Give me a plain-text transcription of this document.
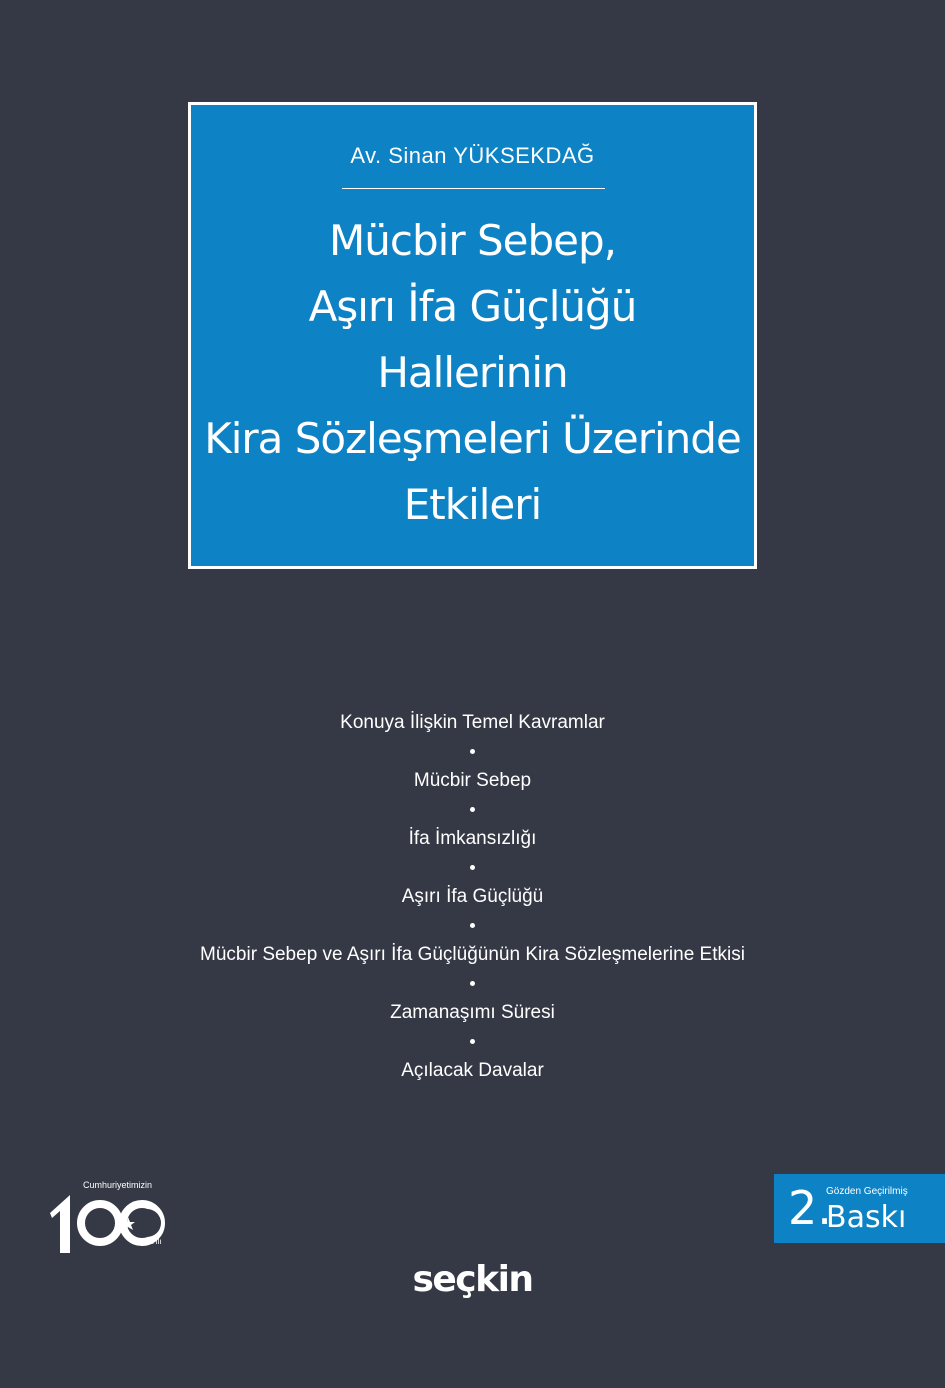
Av. Sinan YÜKSEKDAĞ
Mücbir Sebep,
Aşırı İfa Güçlüğü
Hallerinin
Kira Sözleşmeleri Üzerinde
Etkileri
Konuya İlişkin Temel Kavramlar
Mücbir Sebep
İfa İmkansızlığı
Aşırı İfa Güçlüğü
Mücbir Sebep ve Aşırı İfa Güçlüğünün Kira Sözleşmelerine Etkisi
Zamanaşımı Süresi
Açılacak Davalar
Cumhuriyetimizin
.Yılı
2.
Gözden Geçirilmiş
Baskı
seçkin
